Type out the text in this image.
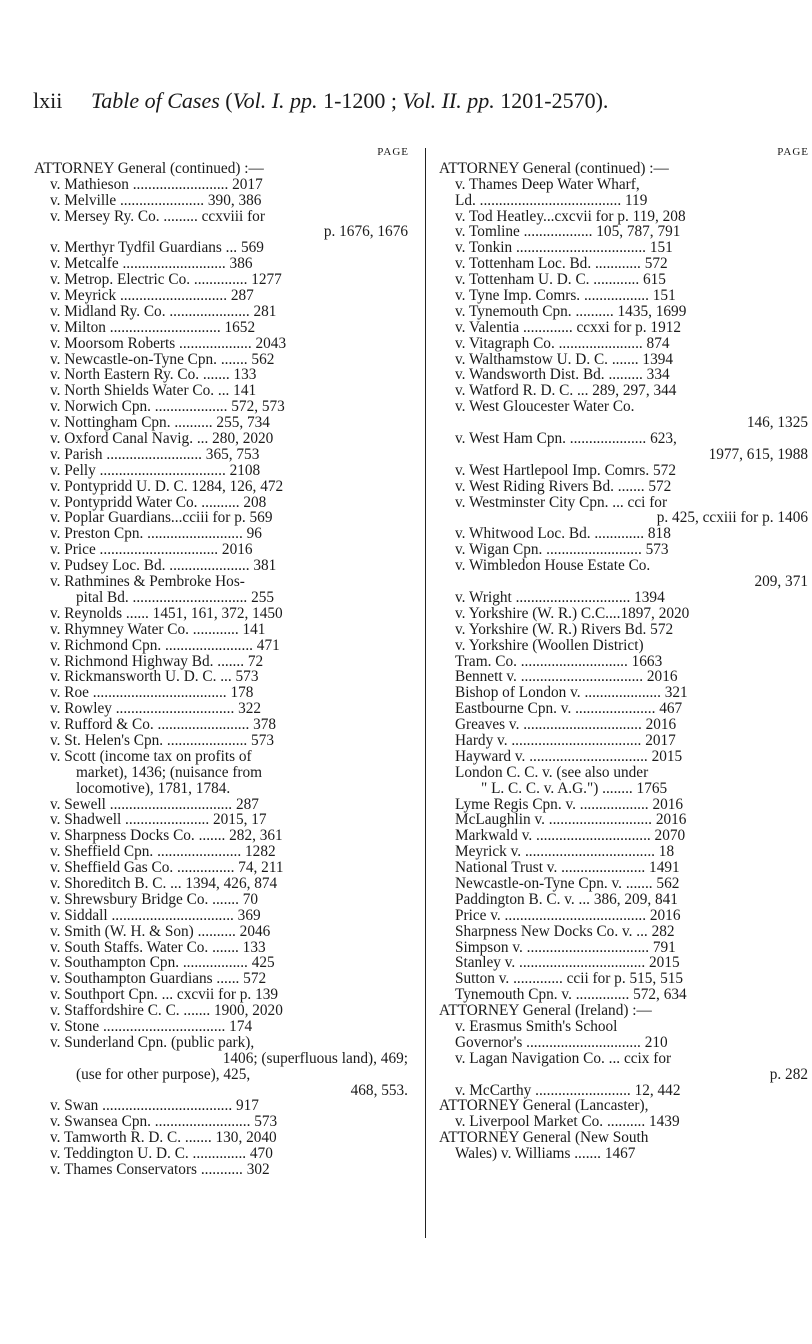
lxii Table of Cases (Vol. I. pp. 1-1200 ; Vol. II. pp. 1201-2570).
PAGE
ATTORNEY General (continued) :—
v. Mathieson ......................... 2017
v. Melville ...................... 390, 386
v. Mersey Ry. Co. ......... ccxviii for
p. 1676, 1676
v. Merthyr Tydfil Guardians ... 569
v. Metcalfe ........................... 386
v. Metrop. Electric Co. .............. 1277
v. Meyrick ............................ 287
v. Midland Ry. Co. ..................... 281
v. Milton ............................. 1652
v. Moorsom Roberts ................... 2043
v. Newcastle-on-Tyne Cpn. ....... 562
v. North Eastern Ry. Co. ....... 133
v. North Shields Water Co. ... 141
v. Norwich Cpn. ................... 572, 573
v. Nottingham Cpn. .......... 255, 734
v. Oxford Canal Navig. ... 280, 2020
v. Parish ......................... 365, 753
v. Pelly ................................. 2108
v. Pontypridd U. D. C. 1284, 126, 472
v. Pontypridd Water Co. .......... 208
v. Poplar Guardians...cciii for p. 569
v. Preston Cpn. ......................... 96
v. Price ............................... 2016
v. Pudsey Loc. Bd. ..................... 381
v. Rathmines & Pembroke Hos-
pital Bd. .............................. 255
v. Reynolds ...... 1451, 161, 372, 1450
v. Rhymney Water Co. ............ 141
v. Richmond Cpn. ....................... 471
v. Richmond Highway Bd. ....... 72
v. Rickmansworth U. D. C. ... 573
v. Roe ................................... 178
v. Rowley ............................... 322
v. Rufford & Co. ........................ 378
v. St. Helen's Cpn. ..................... 573
v. Scott (income tax on profits of
market), 1436; (nuisance from
locomotive), 1781, 1784.
v. Sewell ................................ 287
v. Shadwell ...................... 2015, 17
v. Sharpness Docks Co. ....... 282, 361
v. Sheffield Cpn. ...................... 1282
v. Sheffield Gas Co. ............... 74, 211
v. Shoreditch B. C. ... 1394, 426, 874
v. Shrewsbury Bridge Co. ....... 70
v. Siddall ................................ 369
v. Smith (W. H. & Son) .......... 2046
v. South Staffs. Water Co. ....... 133
v. Southampton Cpn. ................. 425
v. Southampton Guardians ...... 572
v. Southport Cpn. ... cxcvii for p. 139
v. Staffordshire C. C. ....... 1900, 2020
v. Stone ................................ 174
v. Sunderland Cpn. (public park),
1406; (superfluous land), 469;
(use for other purpose), 425,
468, 553.
v. Swan .................................. 917
v. Swansea Cpn. ......................... 573
v. Tamworth R. D. C. ....... 130, 2040
v. Teddington U. D. C. .............. 470
v. Thames Conservators ........... 302
PAGE
ATTORNEY General (continued) :—
v. Thames Deep Water Wharf,
Ld. ..................................... 119
v. Tod Heatley...cxcvii for p. 119, 208
v. Tomline .................. 105, 787, 791
v. Tonkin .................................. 151
v. Tottenham Loc. Bd. ............ 572
v. Tottenham U. D. C. ............ 615
v. Tyne Imp. Comrs. ................. 151
v. Tynemouth Cpn. .......... 1435, 1699
v. Valentia ............. ccxxi for p. 1912
v. Vitagraph Co. ...................... 874
v. Walthamstow U. D. C. ....... 1394
v. Wandsworth Dist. Bd. ......... 334
v. Watford R. D. C. ... 289, 297, 344
v. West Gloucester Water Co.
146, 1325
v. West Ham Cpn. .................... 623,
1977, 615, 1988
v. West Hartlepool Imp. Comrs. 572
v. West Riding Rivers Bd. ....... 572
v. Westminster City Cpn. ... cci for
p. 425, ccxiii for p. 1406
v. Whitwood Loc. Bd. ............. 818
v. Wigan Cpn. ......................... 573
v. Wimbledon House Estate Co.
209, 371
v. Wright .............................. 1394
v. Yorkshire (W. R.) C.C....1897, 2020
v. Yorkshire (W. R.) Rivers Bd. 572
v. Yorkshire (Woollen District)
Tram. Co. ............................ 1663
Bennett v. ................................ 2016
Bishop of London v. .................... 321
Eastbourne Cpn. v. ..................... 467
Greaves v. ............................... 2016
Hardy v. .................................. 2017
Hayward v. ............................... 2015
London C. C. v. (see also under
" L. C. C. v. A.G.") ........ 1765
Lyme Regis Cpn. v. .................. 2016
McLaughlin v. ........................... 2016
Markwald v. .............................. 2070
Meyrick v. .................................. 18
National Trust v. ...................... 1491
Newcastle-on-Tyne Cpn. v. ....... 562
Paddington B. C. v. ... 386, 209, 841
Price v. ..................................... 2016
Sharpness New Docks Co. v. ... 282
Simpson v. ................................ 791
Stanley v. ................................. 2015
Sutton v. ............. ccii for p. 515, 515
Tynemouth Cpn. v. .............. 572, 634
ATTORNEY General (Ireland) :—
v. Erasmus Smith's School
Governor's .............................. 210
v. Lagan Navigation Co. ... ccix for
p. 282
v. McCarthy ......................... 12, 442
ATTORNEY General (Lancaster),
v. Liverpool Market Co. .......... 1439
ATTORNEY General (New South
Wales) v. Williams ....... 1467
